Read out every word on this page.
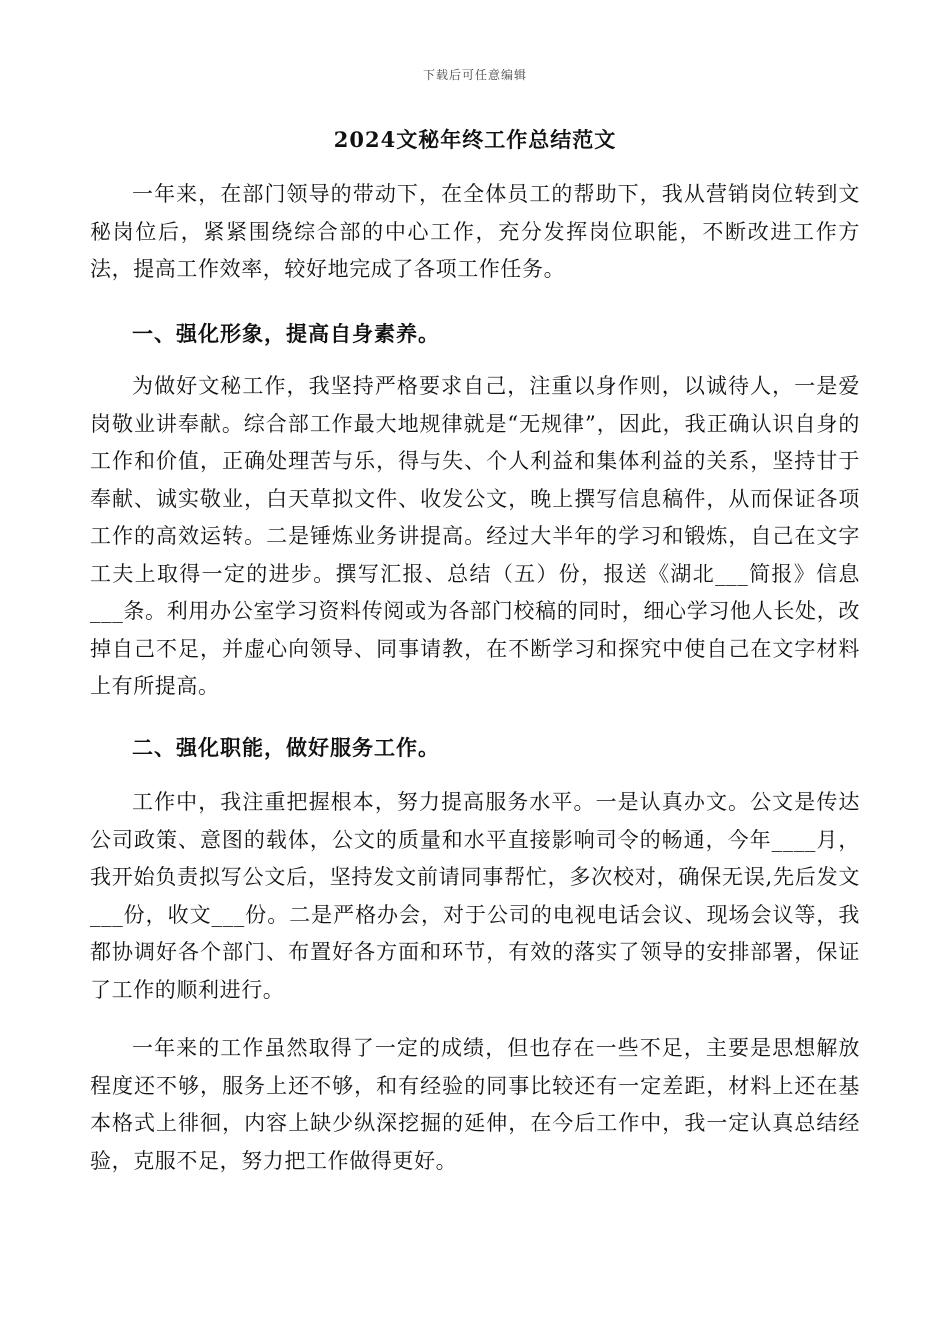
下载后可任意编辑
2024文秘年终工作总结范文

一年来，在部门领导的带动下，在全体员工的帮助下，我从营销岗位转到文秘岗位后，紧紧围绕综合部的中心工作，充分发挥岗位职能，不断改进工作方法，提高工作效率，较好地完成了各项工作任务。

一、强化形象，提高自身素养。

为做好文秘工作，我坚持严格要求自己，注重以身作则，以诚待人，一是爱岗敬业讲奉献。综合部工作最大地规律就是“无规律”，因此，我正确认识自身的工作和价值，正确处理苦与乐，得与失、个人利益和集体利益的关系，坚持甘于奉献、诚实敬业，白天草拟文件、收发公文，晚上撰写信息稿件，从而保证各项工作的高效运转。二是锤炼业务讲提高。经过大半年的学习和锻炼，自己在文字工夫上取得一定的进步。撰写汇报、总结（五）份，报送《湖北___简报》信息___条。利用办公室学习资料传阅或为各部门校稿的同时，细心学习他人长处，改掉自己不足，并虚心向领导、同事请教，在不断学习和探究中使自己在文字材料上有所提高。

二、强化职能，做好服务工作。

工作中，我注重把握根本，努力提高服务水平。一是认真办文。公文是传达公司政策、意图的载体，公文的质量和水平直接影响司令的畅通，今年____月，我开始负责拟写公文后，坚持发文前请同事帮忙，多次校对，确保无误,先后发文___份，收文___份。二是严格办会，对于公司的电视电话会议、现场会议等，我都协调好各个部门、布置好各方面和环节，有效的落实了领导的安排部署，保证了工作的顺利进行。

一年来的工作虽然取得了一定的成绩，但也存在一些不足，主要是思想解放程度还不够，服务上还不够，和有经验的同事比较还有一定差距，材料上还在基本格式上徘徊，内容上缺少纵深挖掘的延伸，在今后工作中，我一定认真总结经验，克服不足，努力把工作做得更好。
